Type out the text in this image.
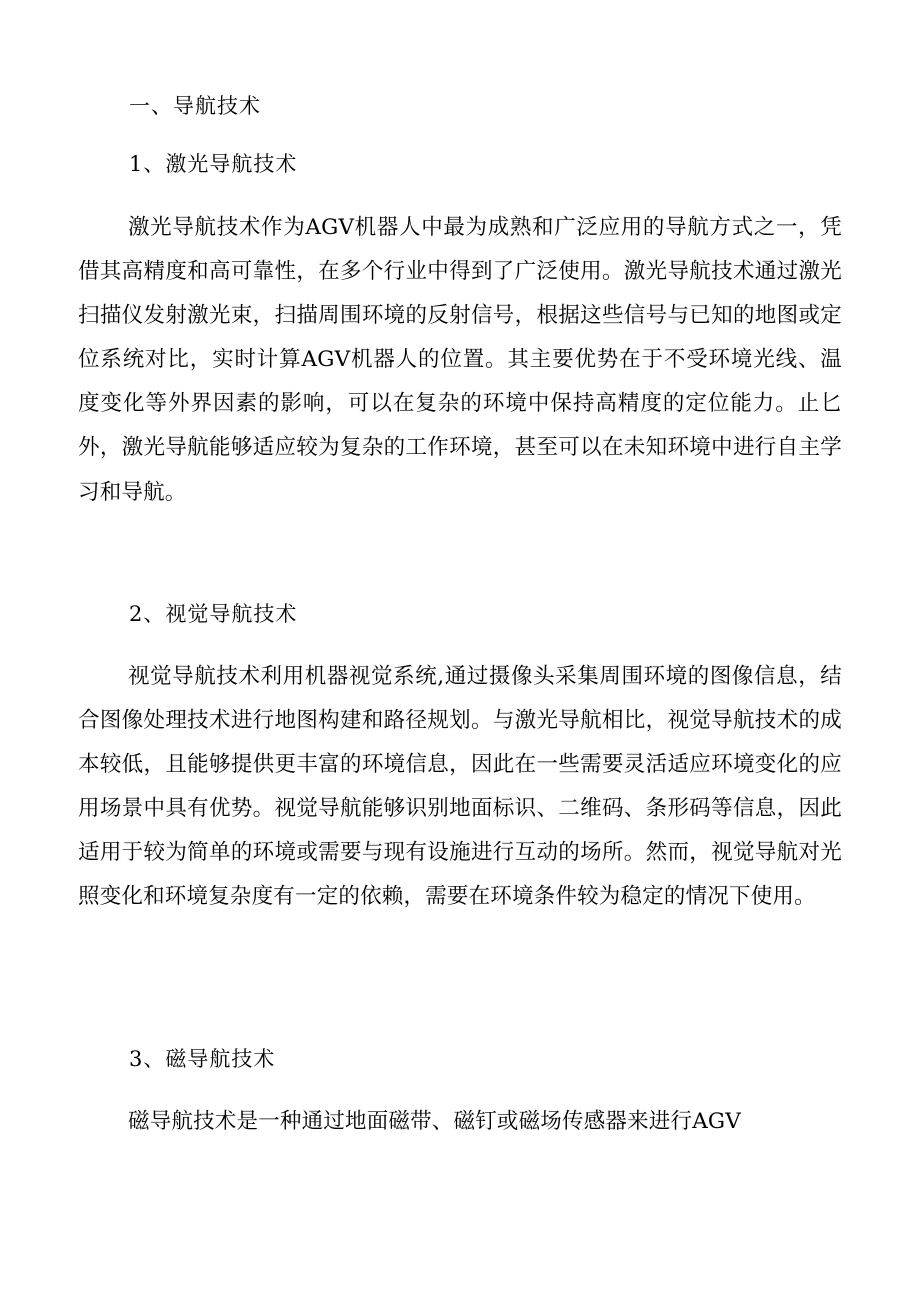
一、导航技术
1、激光导航技术
激光导航技术作为AGV机器人中最为成熟和广泛应用的导航方式之一，凭借其高精度和高可靠性，在多个行业中得到了广泛使用。激光导航技术通过激光扫描仪发射激光束，扫描周围环境的反射信号，根据这些信号与已知的地图或定位系统对比，实时计算AGV机器人的位置。其主要优势在于不受环境光线、温度变化等外界因素的影响，可以在复杂的环境中保持高精度的定位能力。止匕外，激光导航能够适应较为复杂的工作环境，甚至可以在未知环境中进行自主学习和导航。
2、视觉导航技术
视觉导航技术利用机器视觉系统,通过摄像头采集周围环境的图像信息，结合图像处理技术进行地图构建和路径规划。与激光导航相比，视觉导航技术的成本较低，且能够提供更丰富的环境信息，因此在一些需要灵活适应环境变化的应用场景中具有优势。视觉导航能够识别地面标识、二维码、条形码等信息，因此适用于较为简单的环境或需要与现有设施进行互动的场所。然而，视觉导航对光照变化和环境复杂度有一定的依赖，需要在环境条件较为稳定的情况下使用。
3、磁导航技术
磁导航技术是一种通过地面磁带、磁钉或磁场传感器来进行AGV
